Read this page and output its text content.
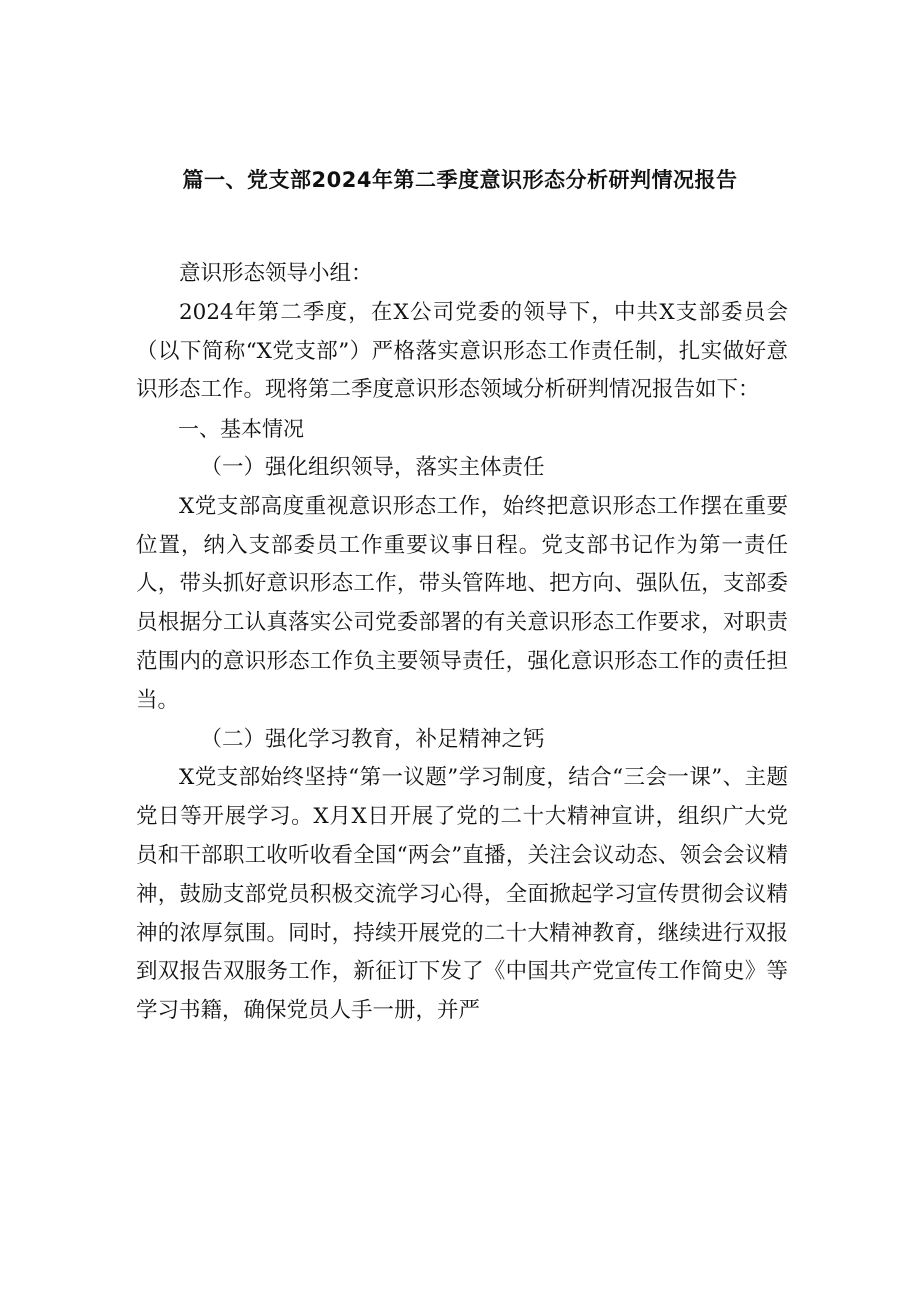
篇一、党支部2024年第二季度意识形态分析研判情况报告

意识形态领导小组：

2024年第二季度，在X公司党委的领导下，中共X支部委员会（以下简称“X党支部”）严格落实意识形态工作责任制，扎实做好意识形态工作。现将第二季度意识形态领域分析研判情况报告如下：

一、基本情况

（一）强化组织领导，落实主体责任

X党支部高度重视意识形态工作，始终把意识形态工作摆在重要位置，纳入支部委员工作重要议事日程。党支部书记作为第一责任人，带头抓好意识形态工作，带头管阵地、把方向、强队伍，支部委员根据分工认真落实公司党委部署的有关意识形态工作要求，对职责范围内的意识形态工作负主要领导责任，强化意识形态工作的责任担当。

（二）强化学习教育，补足精神之钙

X党支部始终坚持“第一议题”学习制度，结合“三会一课”、主题党日等开展学习。X月X日开展了党的二十大精神宣讲，组织广大党员和干部职工收听收看全国“两会”直播，关注会议动态、领会会议精神，鼓励支部党员积极交流学习心得，全面掀起学习宣传贯彻会议精神的浓厚氛围。同时，持续开展党的二十大精神教育，继续进行双报到双报告双服务工作，新征订下发了《中国共产党宣传工作简史》等学习书籍，确保党员人手一册，并严
